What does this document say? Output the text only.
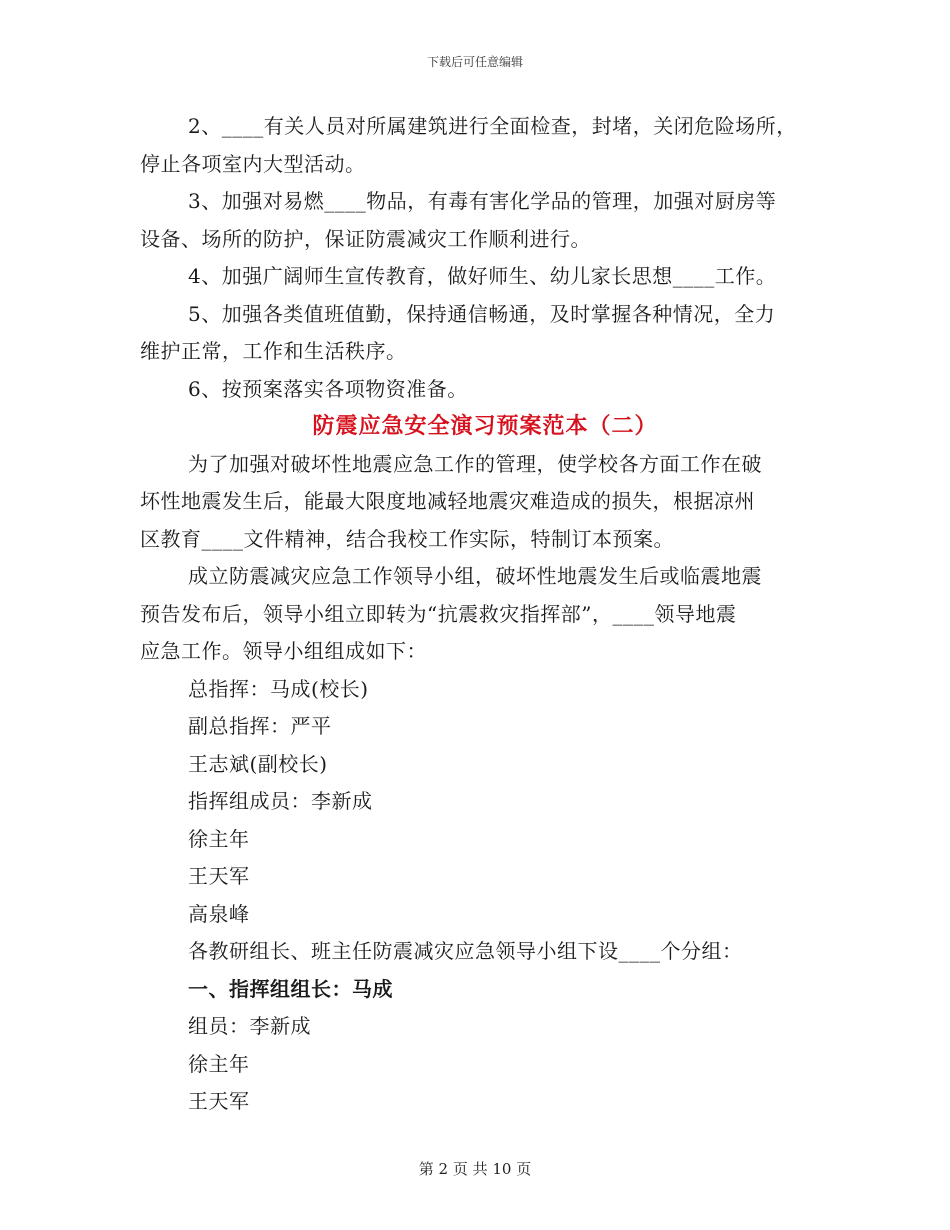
下载后可任意编辑
2、____有关人员对所属建筑进行全面检查，封堵，关闭危险场所，
停止各项室内大型活动。
3、加强对易燃____物品，有毒有害化学品的管理，加强对厨房等
设备、场所的防护，保证防震减灾工作顺利进行。
4、加强广阔师生宣传教育，做好师生、幼儿家长思想____工作。
5、加强各类值班值勤，保持通信畅通，及时掌握各种情况，全力
维护正常，工作和生活秩序。
6、按预案落实各项物资准备。
防震应急安全演习预案范本（二）
为了加强对破坏性地震应急工作的管理，使学校各方面工作在破
坏性地震发生后，能最大限度地减轻地震灾难造成的损失，根据凉州
区教育____文件精神，结合我校工作实际，特制订本预案。
成立防震减灾应急工作领导小组，破坏性地震发生后或临震地震
预告发布后，领导小组立即转为“抗震救灾指挥部”，____领导地震
应急工作。领导小组组成如下：
总指挥：马成(校长)
副总指挥：严平
王志斌(副校长)
指挥组成员：李新成
徐主年
王天军
高泉峰
各教研组长、班主任防震减灾应急领导小组下设____个分组：
一、指挥组组长：马成
组员：李新成
徐主年
王天军
第 2 页 共 10 页
